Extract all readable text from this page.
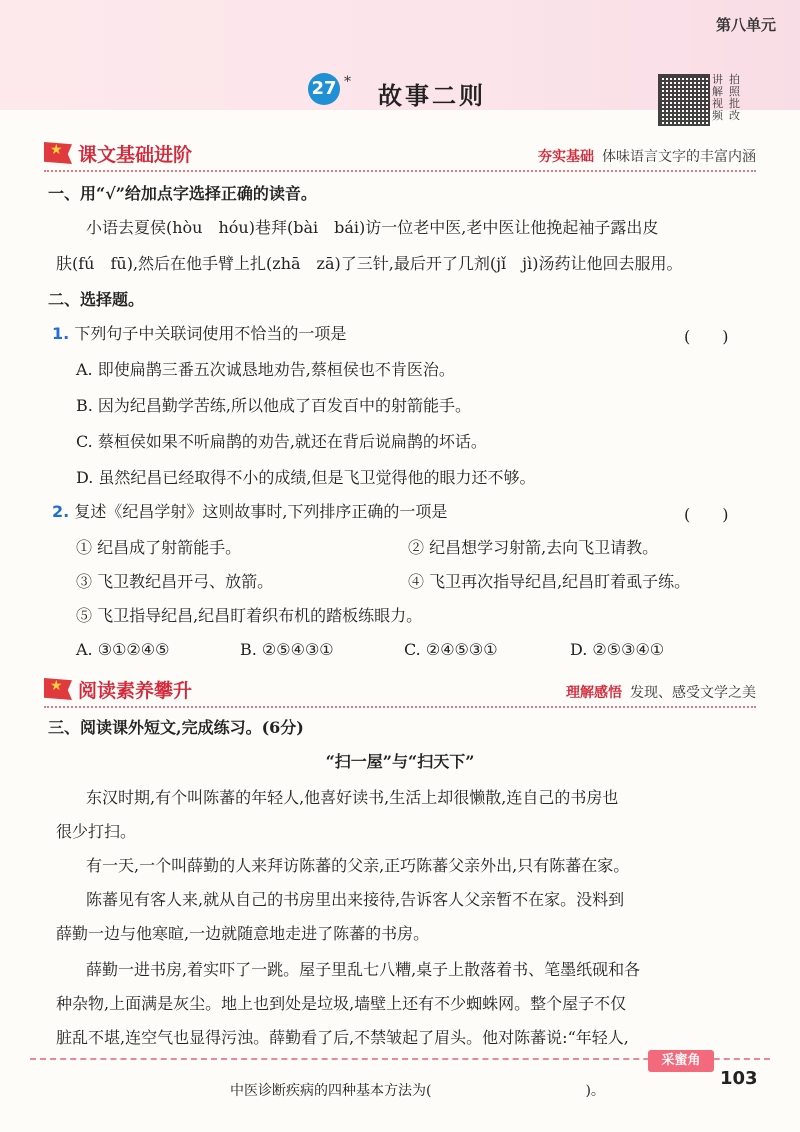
第八单元
27 * 故事二则
讲 拍
解 照
视 批
频 改
★ 课文基础进阶	夯实基础 体味语言文字的丰富内涵
一、用“√”给加点字选择正确的读音。
小语去夏侯(hòu　hóu)巷拜(bài　bái)访一位老中医,老中医让他挽起袖子露出皮
肤(fú　fū),然后在他手臂上扎(zhā　zā)了三针,最后开了几剂(jǐ　jì)汤药让他回去服用。
二、选择题。
1. 下列句子中关联词使用不恰当的一项是	(　　)
A. 即使扁鹊三番五次诚恳地劝告,蔡桓侯也不肯医治。
B. 因为纪昌勤学苦练,所以他成了百发百中的射箭能手。
C. 蔡桓侯如果不听扁鹊的劝告,就还在背后说扁鹊的坏话。
D. 虽然纪昌已经取得不小的成绩,但是飞卫觉得他的眼力还不够。
2. 复述《纪昌学射》这则故事时,下列排序正确的一项是	(　　)
① 纪昌成了射箭能手。	② 纪昌想学习射箭,去向飞卫请教。
③ 飞卫教纪昌开弓、放箭。	④ 飞卫再次指导纪昌,纪昌盯着虱子练。
⑤ 飞卫指导纪昌,纪昌盯着织布机的踏板练眼力。
A. ③①②④⑤	B. ②⑤④③①	C. ②④⑤③①	D. ②⑤③④①
★ 阅读素养攀升	理解感悟 发现、感受文学之美
三、阅读课外短文,完成练习。(6分)
“扫一屋”与“扫天下”
东汉时期,有个叫陈蕃的年轻人,他喜好读书,生活上却很懒散,连自己的书房也
很少打扫。
有一天,一个叫薛勤的人来拜访陈蕃的父亲,正巧陈蕃父亲外出,只有陈蕃在家。
陈蕃见有客人来,就从自己的书房里出来接待,告诉客人父亲暂不在家。没料到
薛勤一边与他寒暄,一边就随意地走进了陈蕃的书房。
薛勤一进书房,着实吓了一跳。屋子里乱七八糟,桌子上散落着书、笔墨纸砚和各
种杂物,上面满是灰尘。地上也到处是垃圾,墙壁上还有不少蜘蛛网。整个屋子不仅
脏乱不堪,连空气也显得污浊。薛勤看了后,不禁皱起了眉头。他对陈蕃说:“年轻人,
采蜜角
103
中医诊断疾病的四种基本方法为(　　　　　　　　　　　)。
